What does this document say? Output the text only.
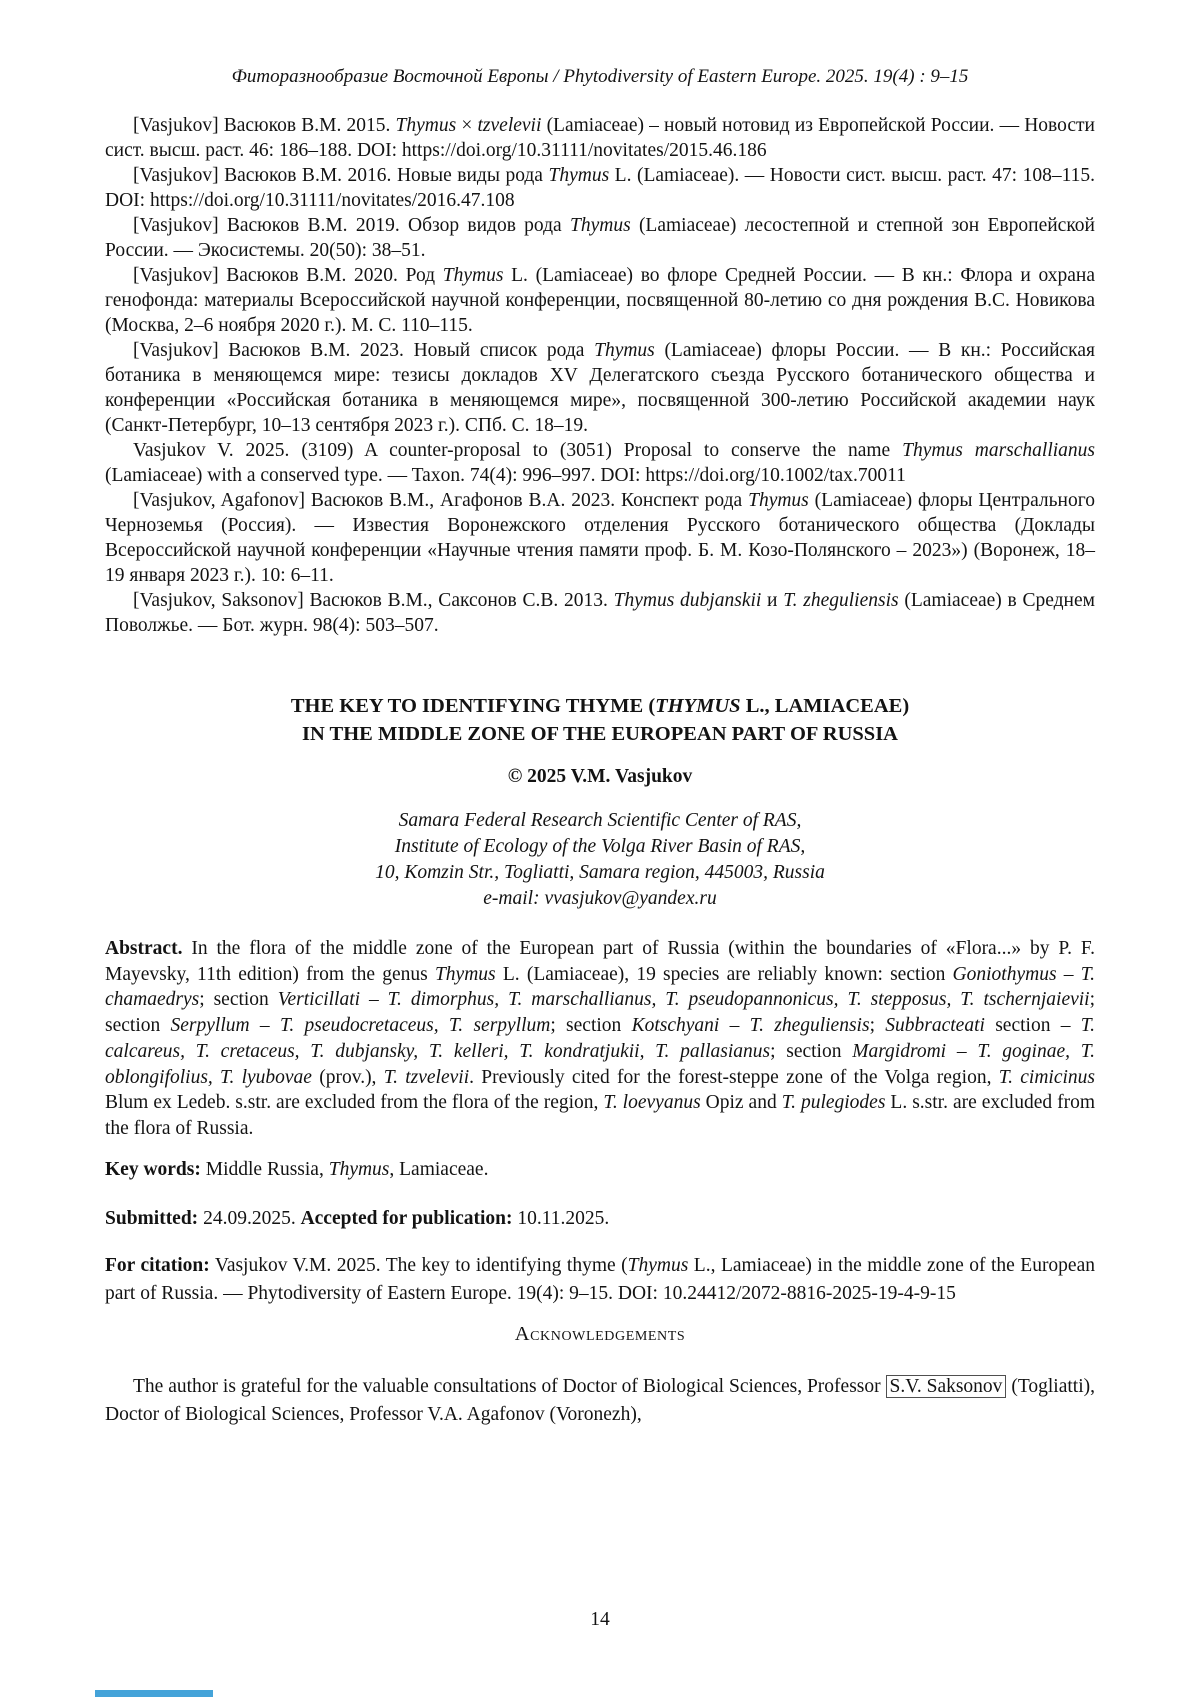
Фиторазнообразие Восточной Европы / Phytodiversity of Eastern Europe. 2025. 19(4) : 9–15

[Vasjukov] Васюков В.М. 2015. Thymus × tzvelevii (Lamiaceae) – новый нотовид из Европейской России. — Новости сист. высш. раст. 46: 186–188. DOI: https://doi.org/10.31111/novitates/2015.46.186

[Vasjukov] Васюков В.М. 2016. Новые виды рода Thymus L. (Lamiaceae). — Новости сист. высш. раст. 47: 108–115. DOI: https://doi.org/10.31111/novitates/2016.47.108

[Vasjukov] Васюков В.М. 2019. Обзор видов рода Thymus (Lamiaceae) лесостепной и степной зон Европейской России. — Экосистемы. 20(50): 38–51.

[Vasjukov] Васюков В.М. 2020. Род Thymus L. (Lamiaceae) во флоре Средней России. — В кн.: Флора и охрана генофонда: материалы Всероссийской научной конференции, посвященной 80-летию со дня рождения В.С. Новикова (Москва, 2–6 ноября 2020 г.). М. С. 110–115.

[Vasjukov] Васюков В.М. 2023. Новый список рода Thymus (Lamiaceae) флоры России. — В кн.: Российская ботаника в меняющемся мире: тезисы докладов XV Делегатского съезда Русского ботанического общества и конференции «Российская ботаника в меняющемся мире», посвященной 300-летию Российской академии наук (Санкт-Петербург, 10–13 сентября 2023 г.). СПб. С. 18–19.

Vasjukov V. 2025. (3109) A counter-proposal to (3051) Proposal to conserve the name Thymus marschallianus (Lamiaceae) with a conserved type. — Taxon. 74(4): 996–997. DOI: https://doi.org/10.1002/tax.70011

[Vasjukov, Agafonov] Васюков В.М., Агафонов В.А. 2023. Конспект рода Thymus (Lamiaceae) флоры Центрального Черноземья (Россия). — Известия Воронежского отделения Русского ботанического общества (Доклады Всероссийской научной конференции «Научные чтения памяти проф. Б. М. Козо-Полянского – 2023») (Воронеж, 18–19 января 2023 г.). 10: 6–11.

[Vasjukov, Saksonov] Васюков В.М., Саксонов С.В. 2013. Thymus dubjanskii и T. zheguliensis (Lamiaceae) в Среднем Поволжье. — Бот. журн. 98(4): 503–507.

THE KEY TO IDENTIFYING THYME (THYMUS L., LAMIACEAE)
IN THE MIDDLE ZONE OF THE EUROPEAN PART OF RUSSIA
© 2025 V.M. Vasjukov
Samara Federal Research Scientific Center of RAS,
Institute of Ecology of the Volga River Basin of RAS,
10, Komzin Str., Togliatti, Samara region, 445003, Russia
e-mail: vvasjukov@yandex.ru

Abstract. In the flora of the middle zone of the European part of Russia (within the boundaries of «Flora...» by P. F. Mayevsky, 11th edition) from the genus Thymus L. (Lamiaceae), 19 species are reliably known: section Goniothymus – T. chamaedrys; section Verticillati – T. dimorphus, T. marschallianus, T. pseudopannonicus, T. stepposus, T. tschernjaievii; section Serpyllum – T. pseudocretaceus, T. serpyllum; section Kotschyani – T. zheguliensis; Subbracteati section – T. calcareus, T. cretaceus, T. dubjansky, T. kelleri, T. kondratjukii, T. pallasianus; section Margidromi – T. goginae, T. oblongifolius, T. lyubovae (prov.), T. tzvelevii. Previously cited for the forest-steppe zone of the Volga region, T. cimicinus Blum ex Ledeb. s.str. are excluded from the flora of the region, T. loevyanus Opiz and T. pulegiodes L. s.str. are excluded from the flora of Russia.

Key words: Middle Russia, Thymus, Lamiaceae.

Submitted: 24.09.2025. Accepted for publication: 10.11.2025.

For citation: Vasjukov V.M. 2025. The key to identifying thyme (Thymus L., Lamiaceae) in the middle zone of the European part of Russia. — Phytodiversity of Eastern Europe. 19(4): 9–15. DOI: 10.24412/2072-8816-2025-19-4-9-15

Acknowledgements

The author is grateful for the valuable consultations of Doctor of Biological Sciences, Professor S.V. Saksonov (Togliatti), Doctor of Biological Sciences, Professor V.A. Agafonov (Voronezh),

14
